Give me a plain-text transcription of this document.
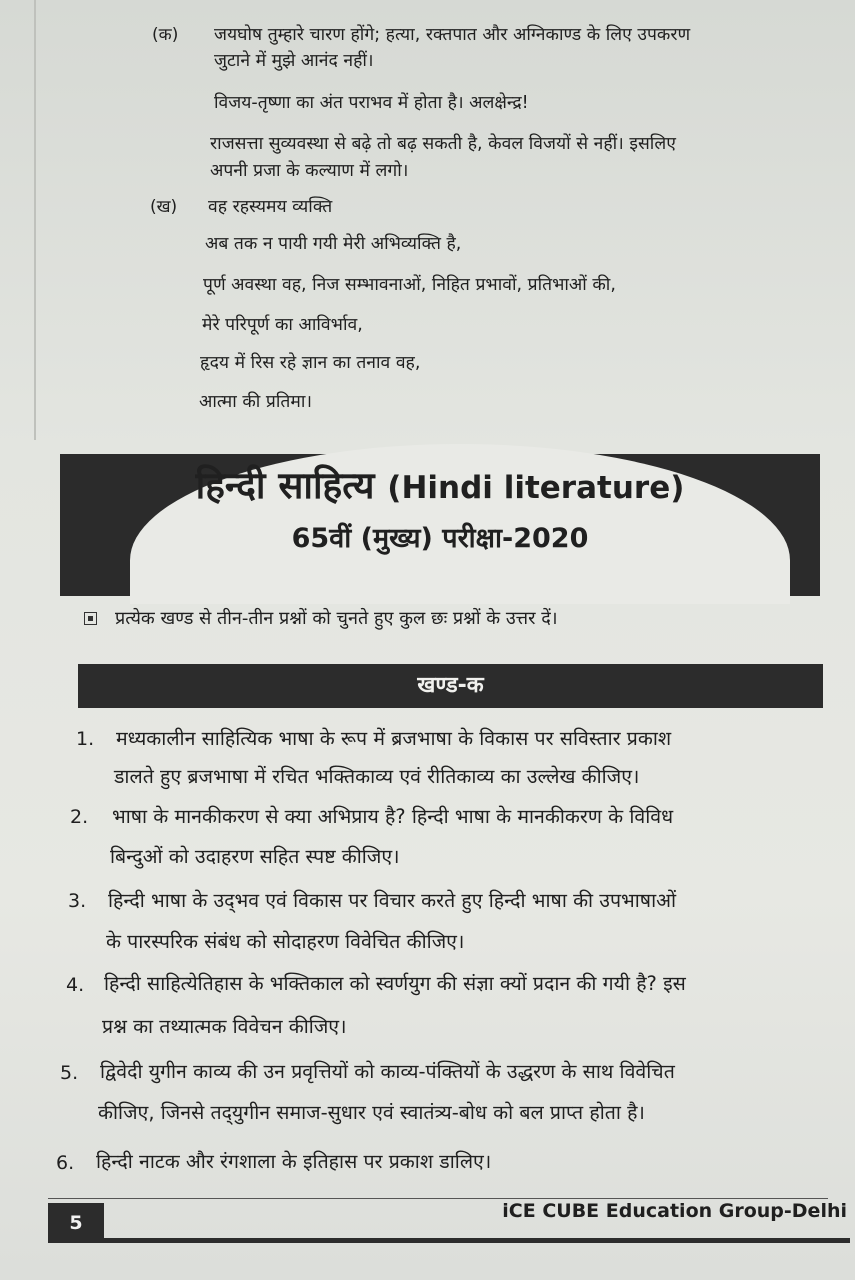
(क) जयघोष तुम्हारे चारण होंगे; हत्या, रक्तपात और अग्निकाण्ड के लिए उपकरण
जुटाने में मुझे आनंद नहीं।
विजय-तृष्णा का अंत पराभव में होता है। अलक्षेन्द्र!
राजसत्ता सुव्यवस्था से बढ़े तो बढ़ सकती है, केवल विजयों से नहीं। इसलिए
अपनी प्रजा के कल्याण में लगो।
(ख) वह रहस्यमय व्यक्ति
अब तक न पायी गयी मेरी अभिव्यक्ति है,
पूर्ण अवस्था वह, निज सम्भावनाओं, निहित प्रभावों, प्रतिभाओं की,
मेरे परिपूर्ण का आविर्भाव,
हृदय में रिस रहे ज्ञान का तनाव वह,
आत्मा की प्रतिमा।
हिन्दी साहित्य (Hindi literature)
65वीं (मुख्य) परीक्षा-2020
प्रत्येक खण्ड से तीन-तीन प्रश्नों को चुनते हुए कुल छः प्रश्नों के उत्तर दें।
खण्ड-क
1. मध्यकालीन साहित्यिक भाषा के रूप में ब्रजभाषा के विकास पर सविस्तार प्रकाश
डालते हुए ब्रजभाषा में रचित भक्तिकाव्य एवं रीतिकाव्य का उल्लेख कीजिए।
2. भाषा के मानकीकरण से क्या अभिप्राय है? हिन्दी भाषा के मानकीकरण के विविध
बिन्दुओं को उदाहरण सहित स्पष्ट कीजिए।
3. हिन्दी भाषा के उद्‌भव एवं विकास पर विचार करते हुए हिन्दी भाषा की उपभाषाओं
के पारस्परिक संबंध को सोदाहरण विवेचित कीजिए।
4. हिन्दी साहित्येतिहास के भक्तिकाल को स्वर्णयुग की संज्ञा क्यों प्रदान की गयी है? इस
प्रश्न का तथ्यात्मक विवेचन कीजिए।
5. द्विवेदी युगीन काव्य की उन प्रवृत्तियों को काव्य-पंक्तियों के उद्धरण के साथ विवेचित
कीजिए, जिनसे तद्‌युगीन समाज-सुधार एवं स्वातंत्र्य-बोध को बल प्राप्त होता है।
6. हिन्दी नाटक और रंगशाला के इतिहास पर प्रकाश डालिए।
5
iCE CUBE Education Group-Delhi
